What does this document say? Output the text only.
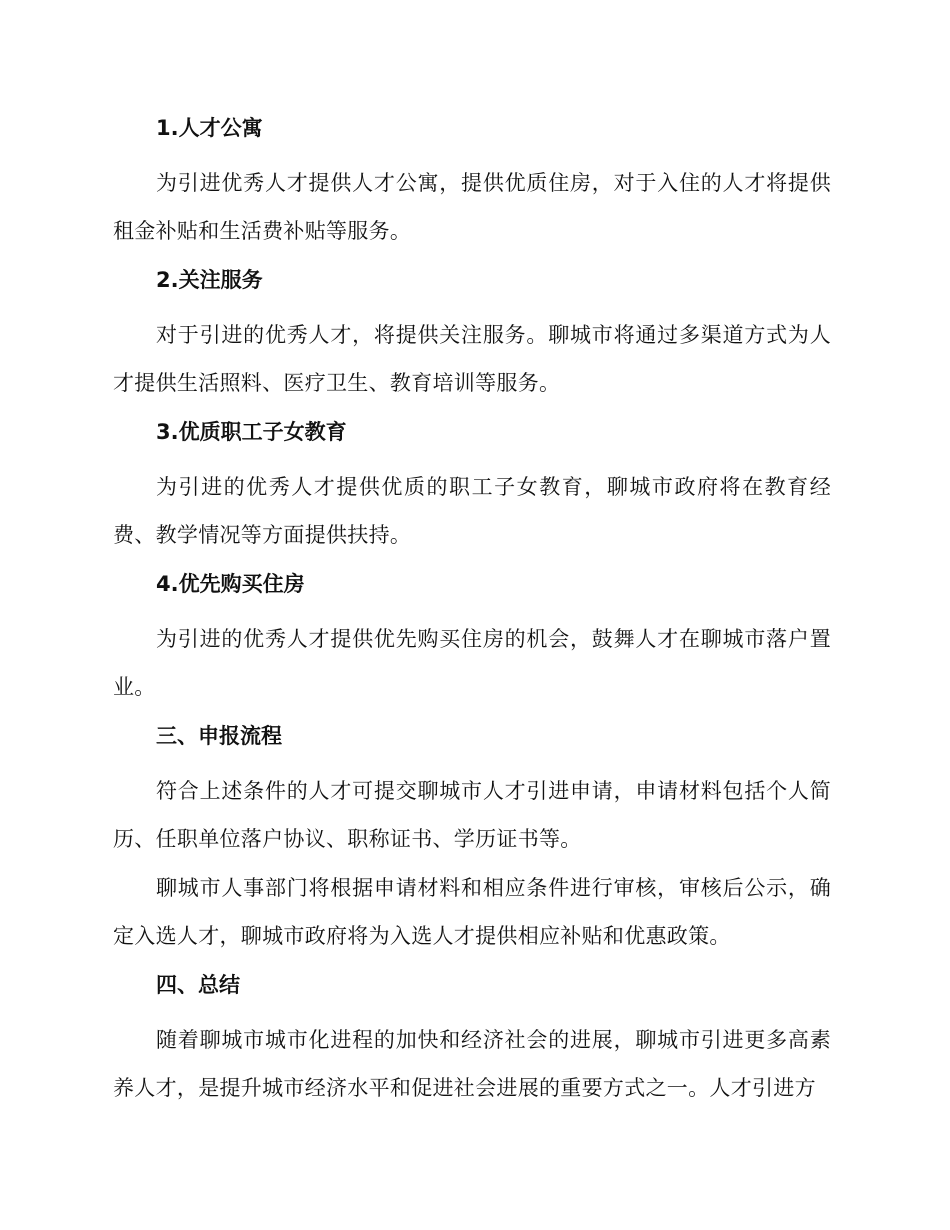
1.人才公寓
为引进优秀人才提供人才公寓，提供优质住房，对于入住的人才将提供租金补贴和生活费补贴等服务。
2.关注服务
对于引进的优秀人才，将提供关注服务。聊城市将通过多渠道方式为人才提供生活照料、医疗卫生、教育培训等服务。
3.优质职工子女教育
为引进的优秀人才提供优质的职工子女教育，聊城市政府将在教育经费、教学情况等方面提供扶持。
4.优先购买住房
为引进的优秀人才提供优先购买住房的机会，鼓舞人才在聊城市落户置业。
三、申报流程
符合上述条件的人才可提交聊城市人才引进申请，申请材料包括个人简历、任职单位落户协议、职称证书、学历证书等。
聊城市人事部门将根据申请材料和相应条件进行审核，审核后公示，确定入选人才，聊城市政府将为入选人才提供相应补贴和优惠政策。
四、总结
随着聊城市城市化进程的加快和经济社会的进展，聊城市引进更多高素养人才，是提升城市经济水平和促进社会进展的重要方式之一。人才引进方
